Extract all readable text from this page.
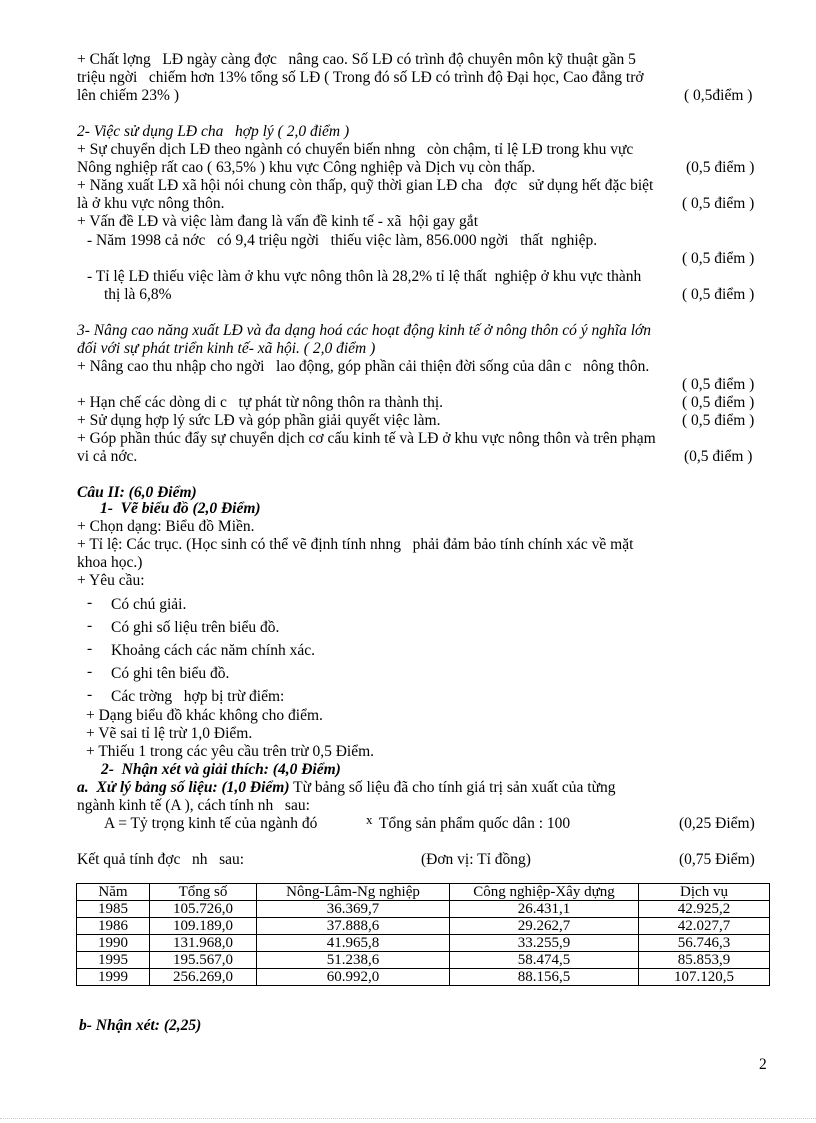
+ Chất lợng   LĐ ngày càng đợc   nâng cao. Số LĐ có trình độ chuyên môn kỹ thuật gần 5
triệu ngời   chiếm hơn 13% tổng số LĐ ( Trong đó số LĐ có trình độ Đại học, Cao đẳng trở
lên chiếm 23% )	( 0,5điểm )
2- Việc sử dụng LĐ cha   hợp lý ( 2,0 điểm )
+ Sự chuyển dịch LĐ theo ngành có chuyển biến nhng   còn chậm, tỉ lệ LĐ trong khu vực
Nông nghiệp rất cao ( 63,5% ) khu vực Công nghiệp và Dịch vụ còn thấp.	(0,5 điểm )
+ Năng xuất LĐ xã hội nói chung còn thấp, quỹ thời gian LĐ cha   đợc   sử dụng hết đặc biệt
là ở khu vực nông thôn.	( 0,5 điểm )
+ Vấn đề LĐ và việc làm đang là vấn đề kinh tế - xã  hội gay gắt
- Năm 1998 cả nớc   có 9,4 triệu ngời   thiếu việc làm, 856.000 ngời   thất  nghiệp.
( 0,5 điểm )
- Tỉ lệ LĐ thiếu việc làm ở khu vực nông thôn là 28,2% tỉ lệ thất  nghiệp ở khu vực thành
thị là 6,8%	( 0,5 điểm )
3- Nâng cao năng xuất LĐ và đa dạng hoá các hoạt động kinh tế ở nông thôn có ý nghĩa lớn
đối với sự phát triển kinh tế- xã hội. ( 2,0 điểm )
+ Nâng cao thu nhập cho ngời   lao động, góp phần cải thiện đời sống của dân c   nông thôn.
( 0,5 điểm )
+ Hạn chế các dòng di c   tự phát từ nông thôn ra thành thị.	( 0,5 điểm )
+ Sử dụng hợp lý sức LĐ và góp phần giải quyết việc làm.	( 0,5 điểm )
+ Góp phần thúc đẩy sự chuyển dịch cơ cấu kinh tế và LĐ ở khu vực nông thôn và trên phạm
vi cả nớc.	(0,5 điểm )
Câu II: (6,0 Điểm)
1-  Vẽ biểu đồ (2,0 Điểm)
+ Chọn dạng: Biểu đồ Miền.
+ Tỉ lệ: Các trục. (Học sinh có thể vẽ định tính nhng   phải đảm bảo tính chính xác về mặt
khoa học.)
+ Yêu cầu:
- Có chú giải.
- Có ghi số liệu trên biểu đồ.
- Khoảng cách các năm chính xác.
- Có ghi tên biểu đồ.
- Các trờng   hợp bị trừ điểm:
+ Dạng biểu đồ khác không cho điểm.
+ Vẽ sai tỉ lệ trừ 1,0 Điểm.
+ Thiếu 1 trong các yêu cầu trên trừ 0,5 Điểm.
2-  Nhận xét và giải thích: (4,0 Điểm)
a.  Xử lý bảng số liệu: (1,0 Điểm) Từ bảng số liệu đã cho tính giá trị sản xuất của từng
ngành kinh tế (A ), cách tính nh   sau:
A = Tỷ trọng kinh tế của ngành đó	x Tổng sản phẩm quốc dân : 100	(0,25 Điểm)
Kết quả tính đợc   nh   sau:	(Đơn vị: Tỉ đồng)	(0,75 Điểm)
Năm	Tổng số	Nông-Lâm-Ng nghiệp	Công nghiệp-Xây dựng	Dịch vụ
1985	105.726,0	36.369,7	26.431,1	42.925,2
1986	109.189,0	37.888,6	29.262,7	42.027,7
1990	131.968,0	41.965,8	33.255,9	56.746,3
1995	195.567,0	51.238,6	58.474,5	85.853,9
1999	256.269,0	60.992,0	88.156,5	107.120,5
b- Nhận xét: (2,25)
2
